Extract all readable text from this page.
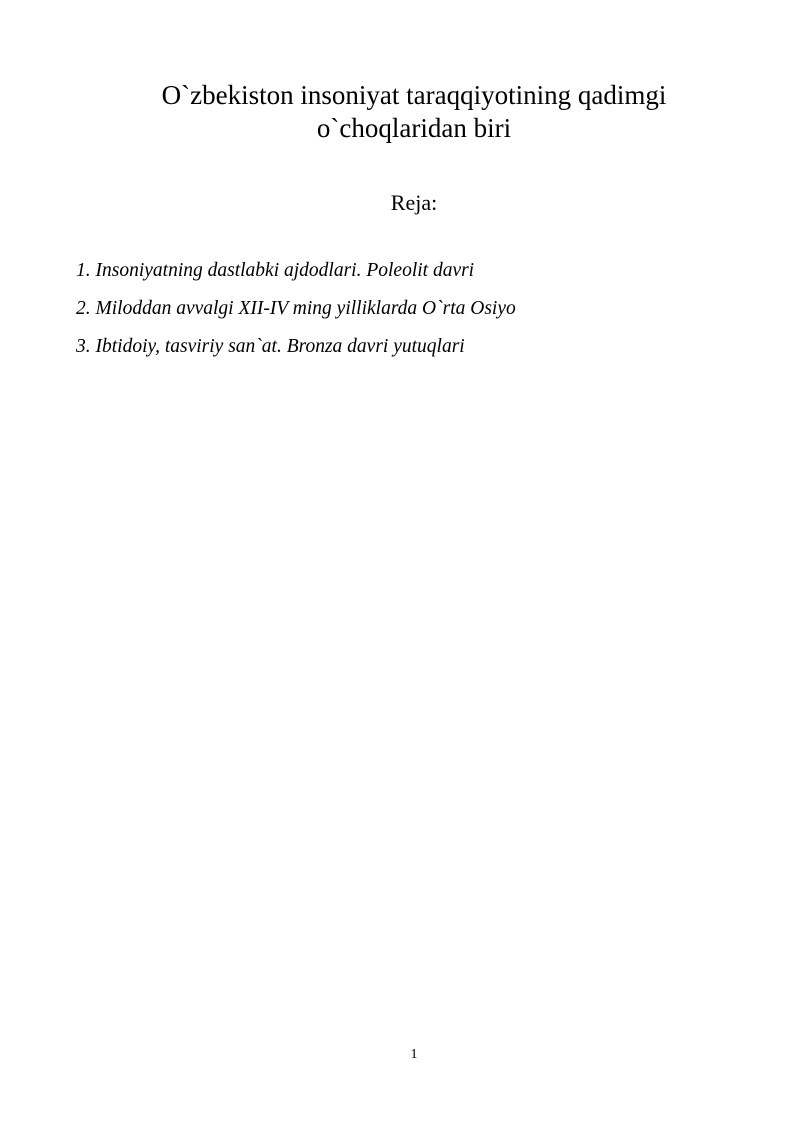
O`zbekiston insoniyat taraqqiyotining qadimgi
o`choqlaridan biri
Reja:
1. Insoniyatning dastlabki ajdodlari. Poleolit davri
2. Miloddan avvalgi XII-IV ming yilliklarda O`rta Osiyo
3. Ibtidoiy, tasviriy san`at. Bronza davri yutuqlari
1
